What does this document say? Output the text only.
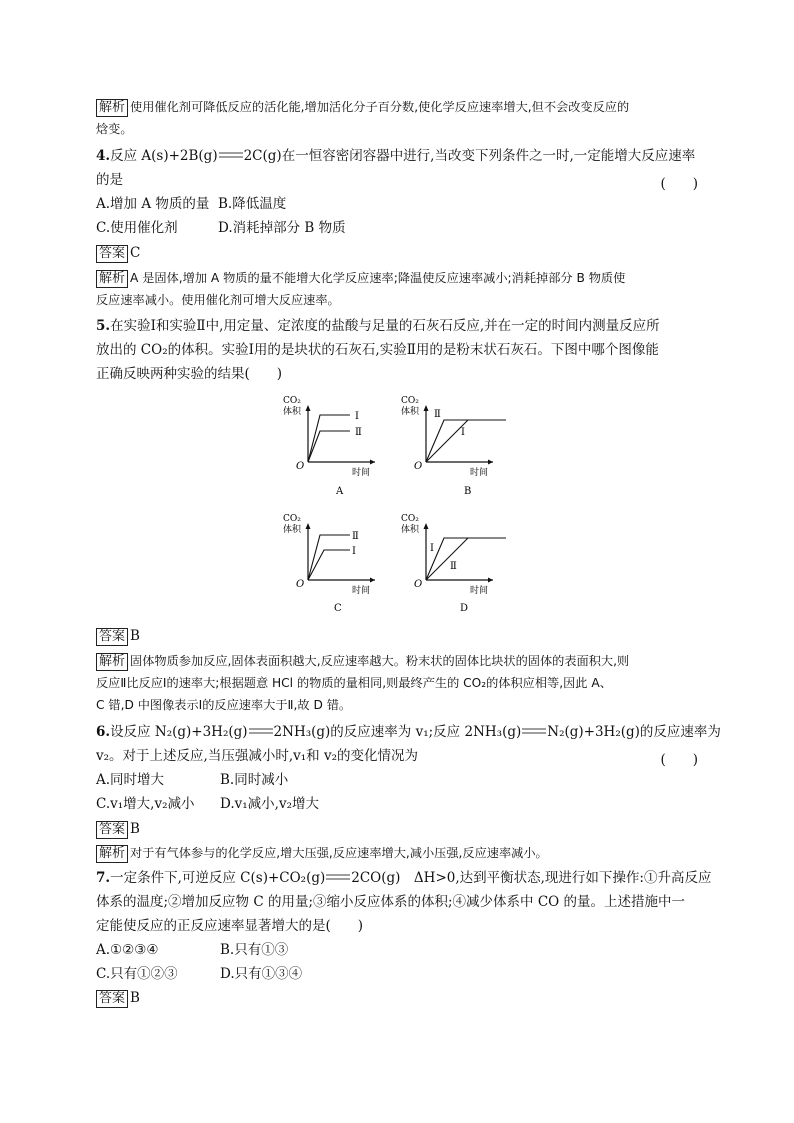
解析 使用催化剂可降低反应的活化能,增加活化分子百分数,使化学反应速率增大,但不会改变反应的
焓变。
4.反应 A(s)+2B(g) 2C(g)在一恒容密闭容器中进行,当改变下列条件之一时,一定能增大反应速率
的是	(　　)
A.增加 A 物质的量 B.降低温度
C.使用催化剂	D.消耗掉部分 B 物质
答案 C
解析 A 是固体,增加 A 物质的量不能增大化学反应速率;降温使反应速率减小;消耗掉部分 B 物质使
反应速率减小。使用催化剂可增大反应速率。
5.在实验Ⅰ和实验Ⅱ中,用定量、定浓度的盐酸与足量的石灰石反应,并在一定的时间内测量反应所
放出的 CO₂的体积。实验Ⅰ用的是块状的石灰石,实验Ⅱ用的是粉末状石灰石。下图中哪个图像能
正确反映两种实验的结果(　　)
CO₂
体积
O
时间
Ⅰ
Ⅱ
A
CO₂
体积
O
时间
Ⅱ
Ⅰ
B
CO₂
体积
O
时间
Ⅱ
Ⅰ
C
CO₂
体积
O
时间
Ⅰ
Ⅱ
D
答案 B
解析 固体物质参加反应,固体表面积越大,反应速率越大。粉末状的固体比块状的固体的表面积大,则
反应Ⅱ比反应Ⅰ的速率大;根据题意 HCl 的物质的量相同,则最终产生的 CO₂的体积应相等,因此 A、
C 错,D 中图像表示Ⅰ的反应速率大于Ⅱ,故 D 错。
6.设反应 N₂(g)+3H₂(g) 2NH₃(g)的反应速率为 v₁;反应 2NH₃(g) N₂(g)+3H₂(g)的反应速率为
v₂。对于上述反应,当压强减小时,v₁和 v₂的变化情况为	(　　)
A.同时增大	B.同时减小
C.v₁增大,v₂减小 D.v₁减小,v₂增大
答案 B
解析 对于有气体参与的化学反应,增大压强,反应速率增大,减小压强,反应速率减小。
7.一定条件下,可逆反应 C(s)+CO₂(g) 2CO(g)　ΔH>0,达到平衡状态,现进行如下操作:①升高反应
体系的温度;②增加反应物 C 的用量;③缩小反应体系的体积;④减少体系中 CO 的量。上述措施中一
定能使反应的正反应速率显著增大的是(　　)
A.①②③④	B.只有①③
C.只有①②③	D.只有①③④
答案 B
